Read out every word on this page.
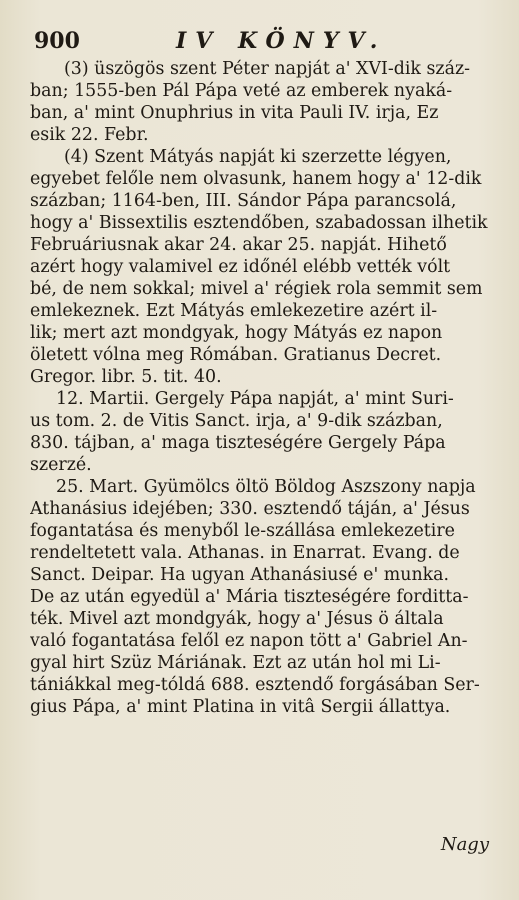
900	IV KÖNYV.
(3) üszögös szent Péter napját a' XVI-dik száz-
ban; 1555-ben Pál Pápa veté az emberek nyaká-
ban, a' mint Onuphrius in vita Pauli IV. irja, Ez
esik 22. Febr.
(4) Szent Mátyás napját ki szerzette légyen,
egyebet felőle nem olvasunk, hanem hogy a' 12-dik
százban; 1164-ben, III. Sándor Pápa parancsolá,
hogy a' Bissextilis esztendőben, szabadossan ilhetik
Februáriusnak akar 24. akar 25. napját. Hihető
azért hogy valamivel ez időnél elébb vették vólt
bé, de nem sokkal; mivel a' régiek rola semmit sem
emlekeznek. Ezt Mátyás emlekezetire azért il-
lik; mert azt mondgyak, hogy Mátyás ez napon
öletett vólna meg Rómában. Gratianus Decret.
Gregor. libr. 5. tit. 40.
12. Martii. Gergely Pápa napját, a' mint Suri-
us tom. 2. de Vitis Sanct. irja, a' 9-dik százban,
830. tájban, a' maga tiszteségére Gergely Pápa
szerzé.
25. Mart. Gyümölcs öltö Böldog Aszszony napja
Athanásius idejében; 330. esztendő táján, a' Jésus
fogantatása és menyből le-szállása emlekezetire
rendeltetett vala. Athanas. in Enarrat. Evang. de
Sanct. Deipar. Ha ugyan Athanásiusé e' munka.
De az után egyedül a' Mária tiszteségére forditta-
ték. Mivel azt mondgyák, hogy a' Jésus ö általa
való fogantatása felől ez napon tött a' Gabriel An-
gyal hirt Szüz Máriának. Ezt az után hol mi Li-
tániákkal meg-tóldá 688. esztendő forgásában Ser-
gius Pápa, a' mint Platina in vitâ Sergii állattya.
Nagy
